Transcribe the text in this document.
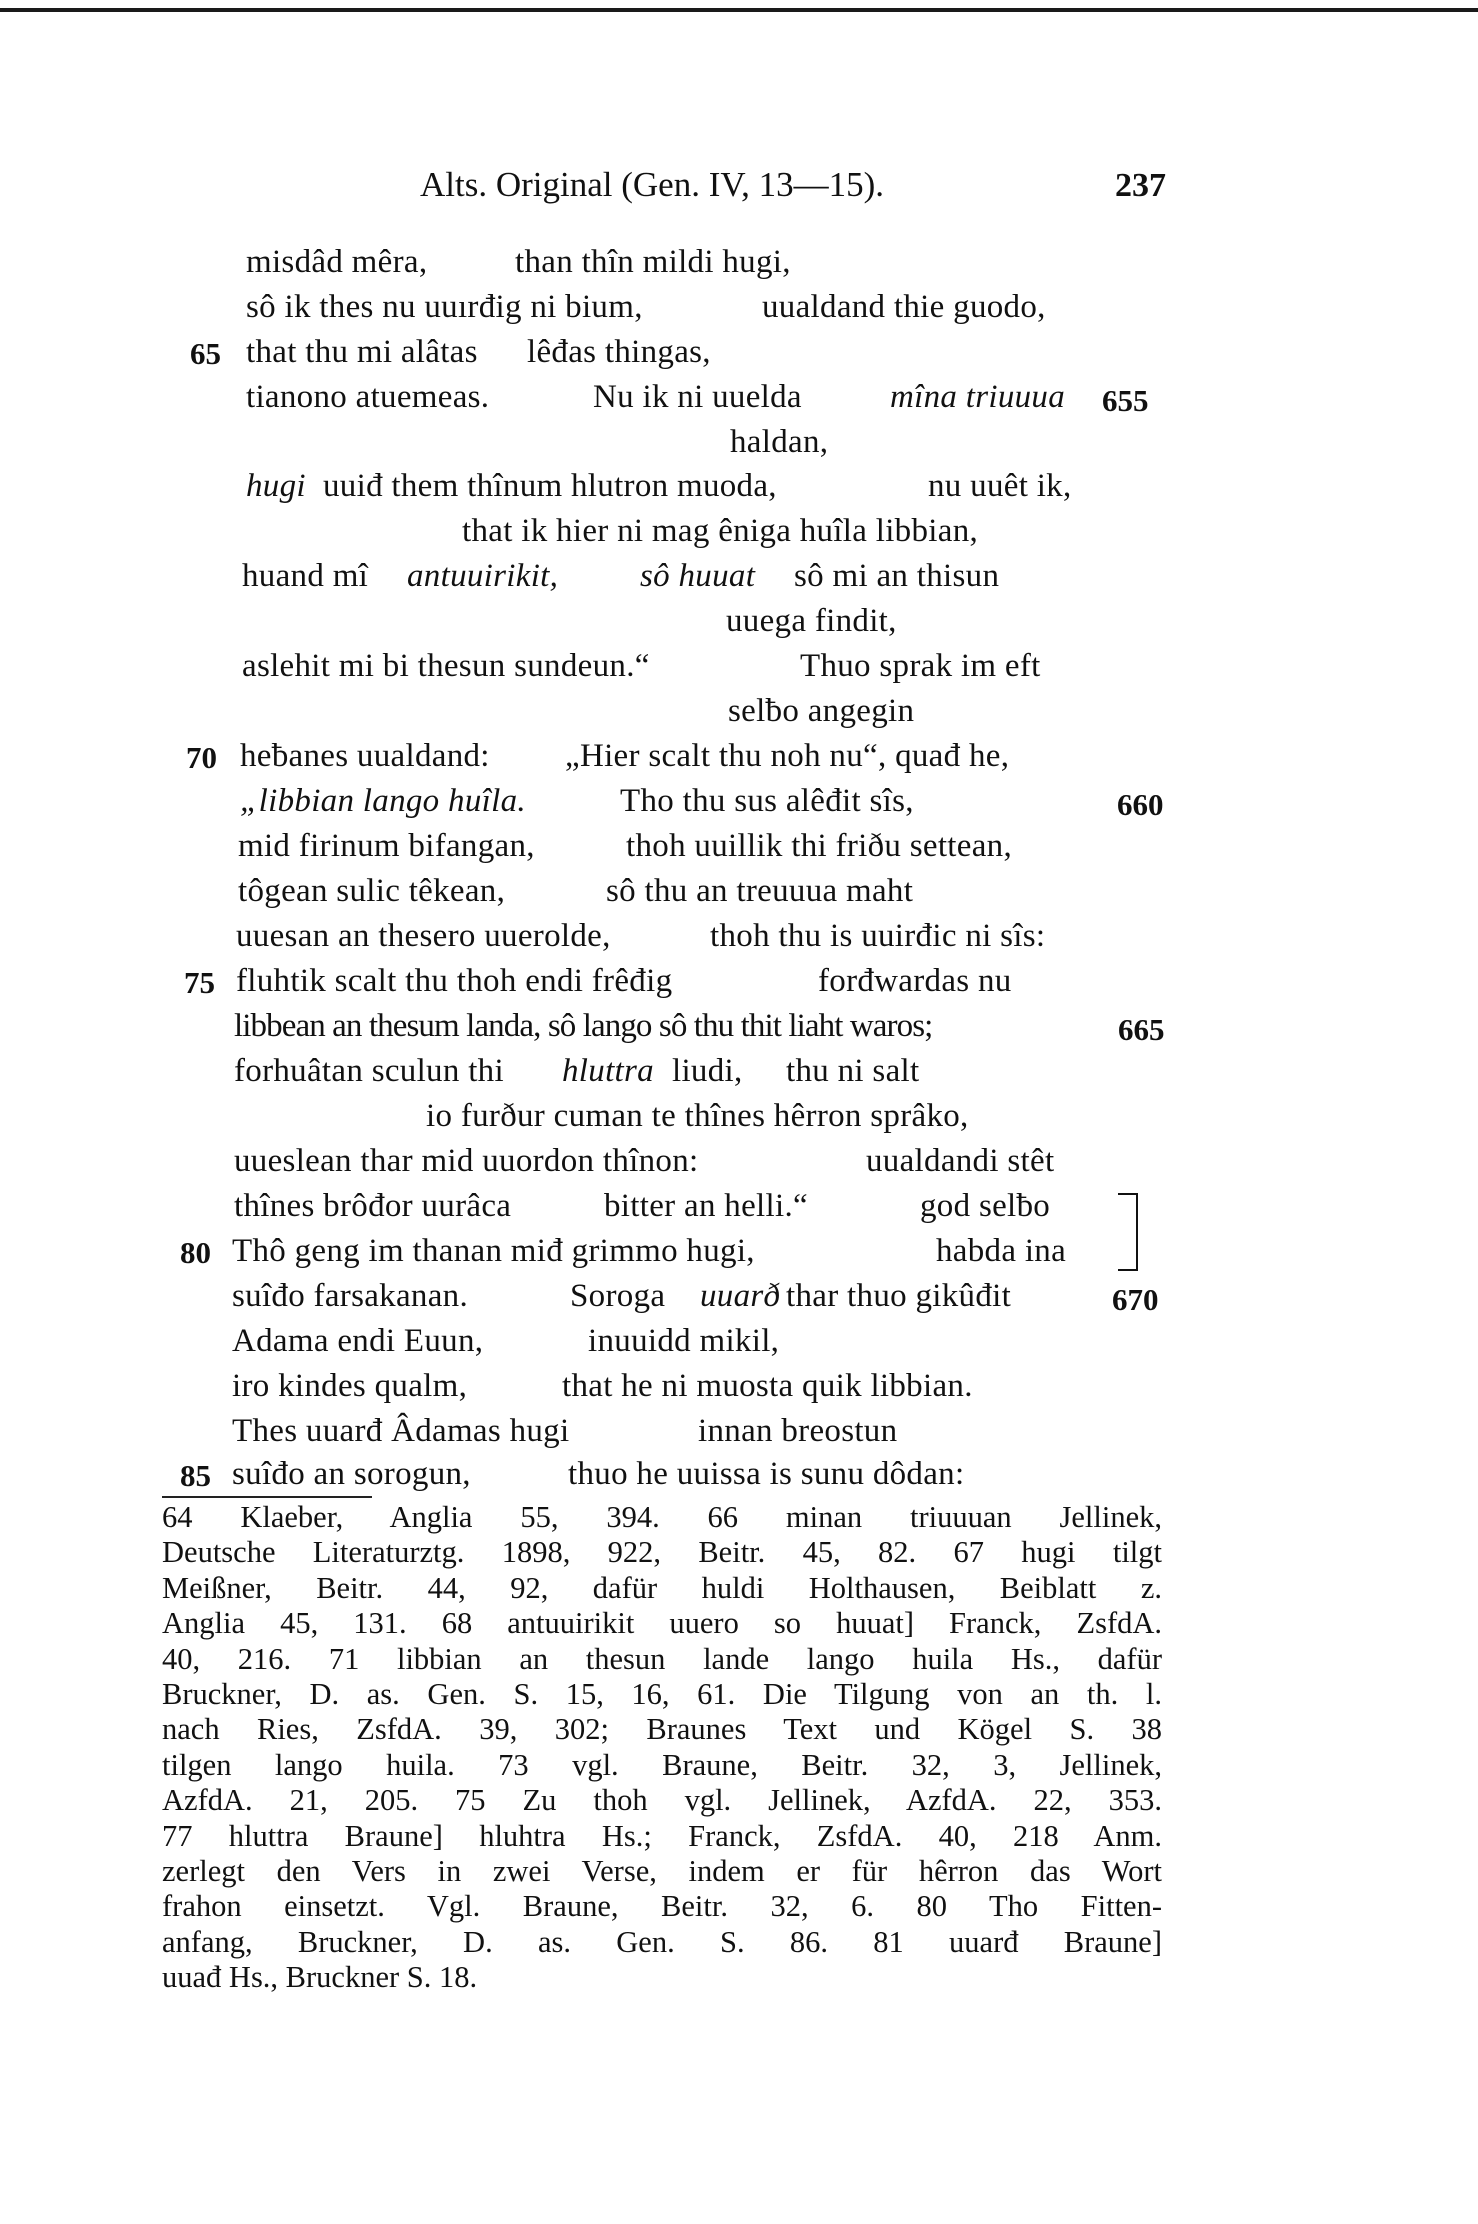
Alts. Original (Gen. IV, 13—15).	237
misdâd mêra,	than thîn mildi hugi,
sô ik thes nu uuırđig ni bium,	uualdand thie guodo,
65 that thu mi alâtas lêđas thingas,
tianono atuemeas.	Nu ik ni uuelda	mîna triuuua 655
haldan,
hugi uuiđ them thînum hlutron muoda,	nu uuêt ik,
that ik hier ni mag êniga huîla libbian,
huand mî antuuirikit, sô huuat sô mi an thisun
uuega findit,
aslehit mi bi thesun sundeun.“	Thuo sprak im eft
selƀo angegin
70 heƀanes uualdand: „Hier scalt thu noh nu“, quađ he,
„libbian lango huîla.	Tho thu sus alêđit sîs,	660
mid firinum bifangan,	thoh uuillik thi friðu settean,
tôgean sulic têkean,	sô thu an treuuua maht
uuesan an thesero uuerolde,	thoh thu is uuirđic ni sîs:
75 fluhtik scalt thu thoh endi frêđig	forđwardas nu
libbean an thesum landa, sô lango sô thu thit liaht waros;	665
forhuâtan sculun thi hluttra liudi, thu ni salt
io furður cuman te thînes hêrron sprâko,
uueslean thar mid uuordon thînon:	uualdandi stêt
thînes brôđor uurâca	bitter an helli.“	god selƀo
80 Thô geng im thanan miđ grimmo hugi,	habda ina
suîđo farsakanan.	Soroga uuarð thar thuo gikûđit	670
Adama endi Euun,	inuuidd mikil,
iro kindes qualm,	that he ni muosta quik libbian.
Thes uuarđ Âdamas hugi	innan breostun
85 suîđo an sorogun,	thuo he uuissa is sunu dôdan:
64 Klaeber, Anglia 55, 394. 66 minan triuuuan Jellinek,
Deutsche Literaturztg. 1898, 922, Beitr. 45, 82. 67 hugi tilgt
Meißner, Beitr. 44, 92, dafür huldi Holthausen, Beiblatt z.
Anglia 45, 131. 68 antuuirikit uuero so huuat] Franck, ZsfdA.
40, 216. 71 libbian an thesun lande lango huila Hs., dafür
Bruckner, D. as. Gen. S. 15, 16, 61. Die Tilgung von an th. l.
nach Ries, ZsfdA. 39, 302; Braunes Text und Kögel S. 38
tilgen lango huila. 73 vgl. Braune, Beitr. 32, 3, Jellinek,
AzfdA. 21, 205. 75 Zu thoh vgl. Jellinek, AzfdA. 22, 353.
77 hluttra Braune] hluhtra Hs.; Franck, ZsfdA. 40, 218 Anm.
zerlegt den Vers in zwei Verse, indem er für hêrron das Wort
frahon einsetzt. Vgl. Braune, Beitr. 32, 6. 80 Tho Fitten-
anfang, Bruckner, D. as. Gen. S. 86. 81 uuarđ Braune]
uuađ Hs., Bruckner S. 18.
